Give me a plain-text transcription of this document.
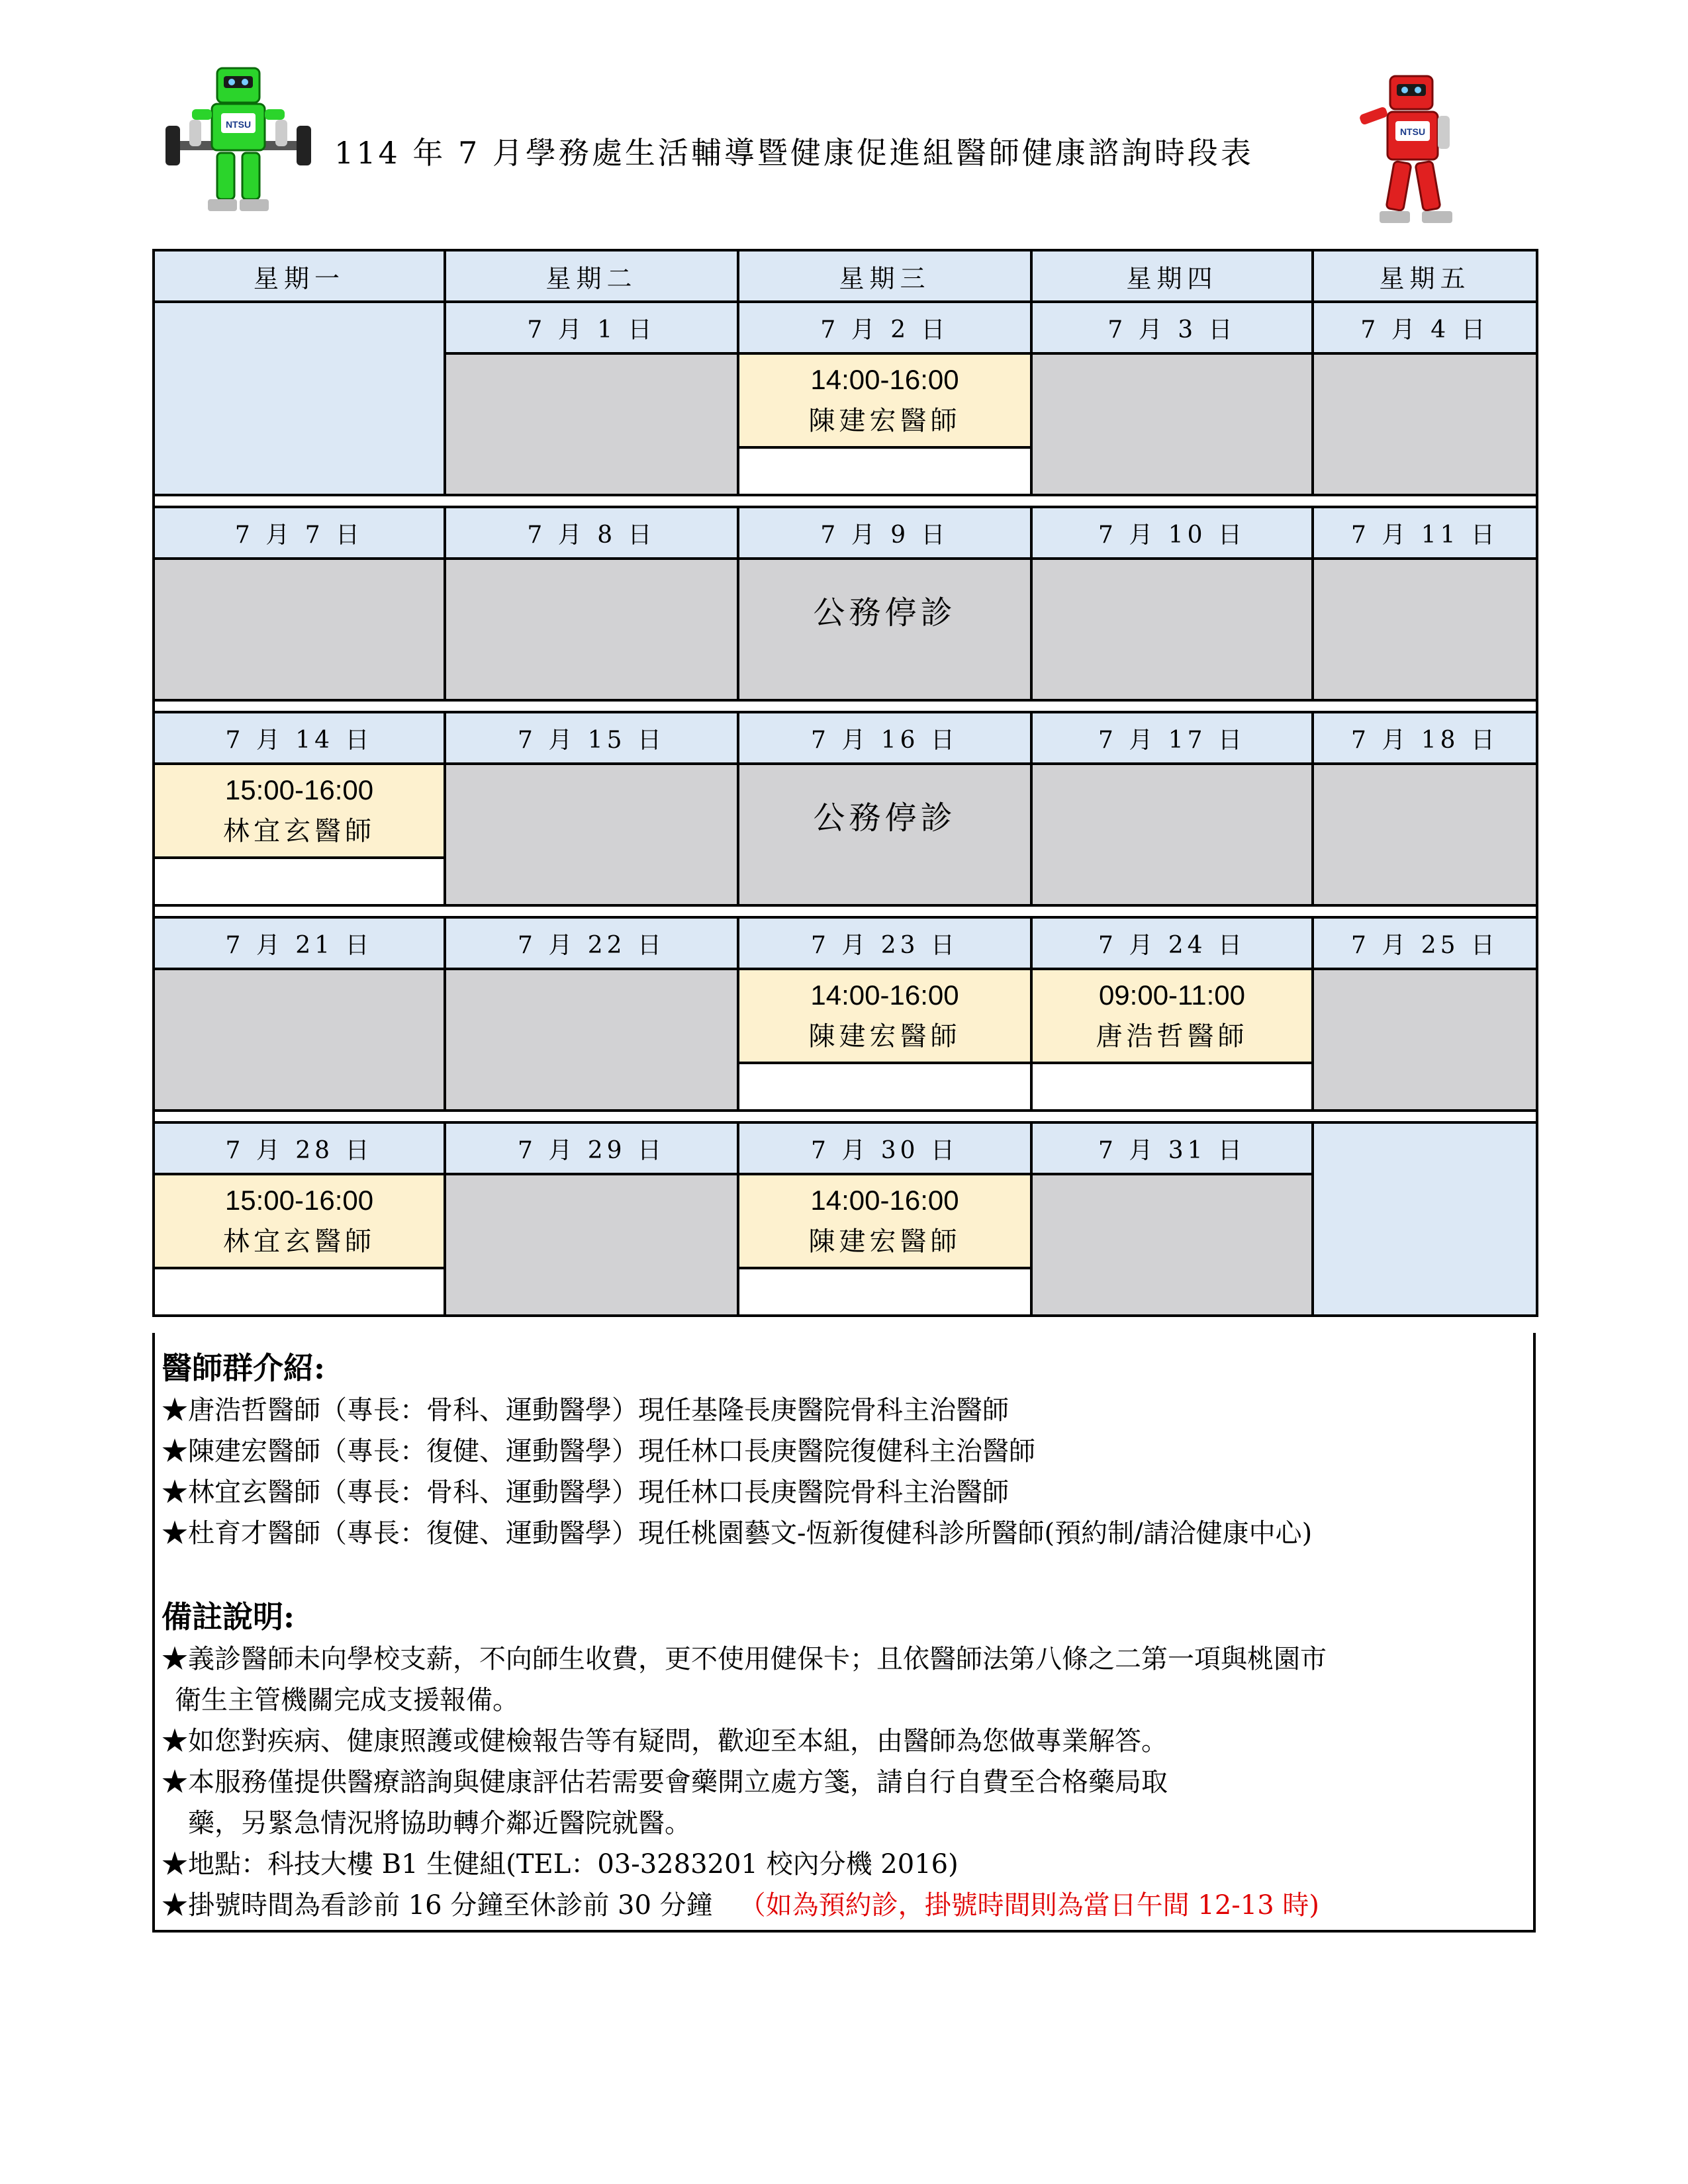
NTSU
NTSU
114 年 7 月學務處生活輔導暨健康促進組醫師健康諮詢時段表
星期一	星期二	星期三	星期四	星期五
	7 月 1 日	7 月 2 日	7 月 3 日	7 月 4 日

		14:00-16:00
陳建宏醫師		

7 月 7 日	7 月 8 日	7 月 9 日	7 月 10 日	7 月 11 日

		公務停診		

7 月 14 日	7 月 15 日	7 月 16 日	7 月 17 日	7 月 18 日

15:00-16:00
林宜玄醫師		公務停診		

7 月 21 日	7 月 22 日	7 月 23 日	7 月 24 日	7 月 25 日

		14:00-16:00
陳建宏醫師	09:00-11:00
唐浩哲醫師	

7 月 28 日	7 月 29 日	7 月 30 日	7 月 31 日	

15:00-16:00
林宜玄醫師		14:00-16:00
陳建宏醫師		

醫師群介紹:
★唐浩哲醫師（專長：骨科、運動醫學）現任基隆長庚醫院骨科主治醫師
★陳建宏醫師（專長：復健、運動醫學）現任林口長庚醫院復健科主治醫師
★林宜玄醫師（專長：骨科、運動醫學）現任林口長庚醫院骨科主治醫師
★杜育才醫師（專長：復健、運動醫學）現任桃園藝文-恆新復健科診所醫師(預約制/請洽健康中心)
備註說明:
★義診醫師未向學校支薪，不向師生收費，更不使用健保卡；且依醫師法第八條之二第一項與桃園市
衛生主管機關完成支援報備。
★如您對疾病、健康照護或健檢報告等有疑問，歡迎至本組，由醫師為您做專業解答。
★本服務僅提供醫療諮詢與健康評估若需要會藥開立處方箋，請自行自費至合格藥局取
藥，另緊急情況將協助轉介鄰近醫院就醫。
★地點：科技大樓 B1 生健組(TEL：03-3283201 校內分機 2016)
★掛號時間為看診前 16 分鐘至休診前 30 分鐘 （如為預約診，掛號時間則為當日午間 12-13 時)
